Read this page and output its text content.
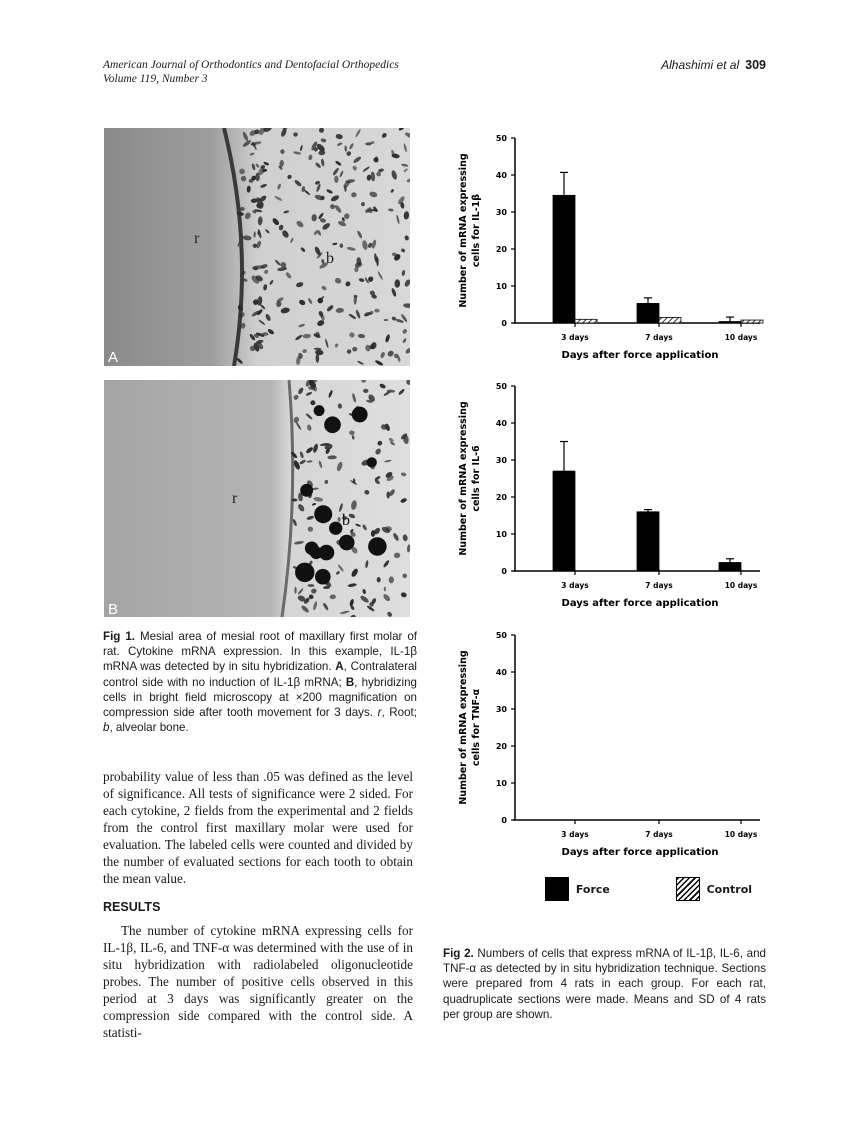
American Journal of Orthodontics and Dentofacial Orthopedics
Volume 119, Number 3
Alhashimi et al 309
r
b
A
r
b
B
Fig 1. Mesial area of mesial root of maxillary first molar of rat. Cytokine mRNA expression. In this example, IL-1β mRNA was detected by in situ hybridization. A, Contralateral control side with no induction of IL-1β mRNA; B, hybridizing cells in bright field microscopy at ×200 magnification on compression side after tooth movement for 3 days. r, Root; b, alveolar bone.
probability value of less than .05 was defined as the level of significance. All tests of significance were 2 sided. For each cytokine, 2 fields from the experimental and 2 fields from the control first maxillary molar were used for evaluation. The labeled cells were counted and divided by the number of evaluated sections for each tooth to obtain the mean value.
RESULTS
The number of cytokine mRNA expressing cells for IL-1β, IL-6, and TNF-α was determined with the use of in situ hybridization with radiolabeled oligonucleotide probes. The number of positive cells observed in this period at 3 days was significantly greater on the compression side compared with the control side. A statisti-
0
10
20
30
40
50
3 days	7 days	10 days
Days after force application
Number of mRNA expressing cells for IL-1β
0
10
20
30
40
50
3 days	7 days	10 days
Days after force application
Number of mRNA expressing cells for IL-6
0
10
20
30
40
50
3 days	7 days	10 days
Days after force application
Number of mRNA expressing cells for TNF-α
Force	Control
Fig 2. Numbers of cells that express mRNA of IL-1β, IL-6, and TNF-α as detected by in situ hybridization technique. Sections were prepared from 4 rats in each group. For each rat, quadruplicate sections were made. Means and SD of 4 rats per group are shown.
